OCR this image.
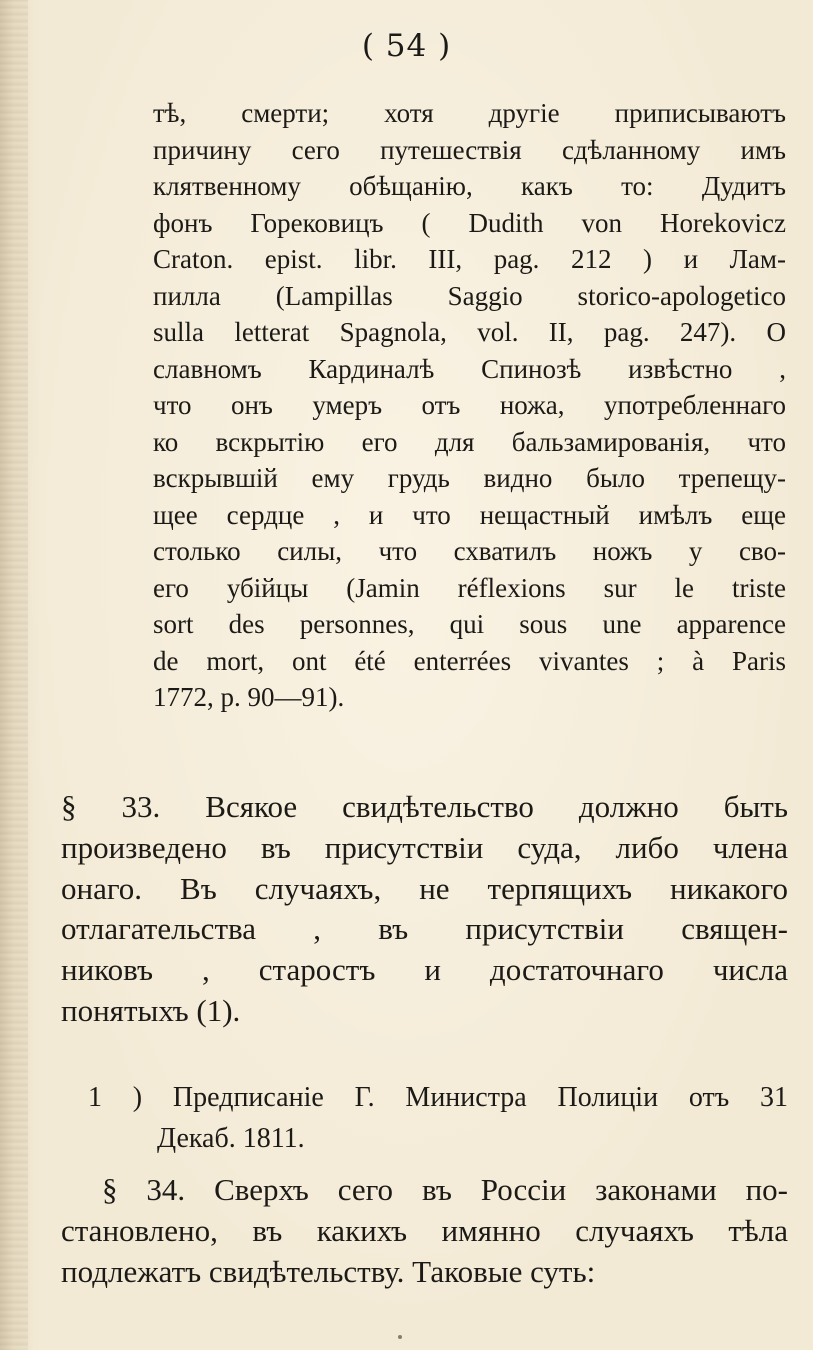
( 54 )
тѣ, смерти; хотя другіе приписываютъ
причину сего путешествія сдѣланному имъ
клятвенному обѣщанію, какъ то: Дудитъ
фонъ Горековицъ ( Dudith von Horekovicz
Craton. epist. libr. III, pag. 212 ) и Лам-
пилла (Lampillas Saggio storico-apologetico
sulla letterat Spagnola, vol. II, pag. 247). О
славномъ Кардиналѣ Спинозѣ извѣстно ,
что онъ умеръ отъ ножа, употребленнаго
ко вскрытію его для бальзамированія, что
вскрывшій ему грудь видно было трепещу-
щее сердце , и что нещастный имѣлъ еще
столько силы, что схватилъ ножъ у сво-
его убійцы (Jamin réflexions sur le triste
sort des personnes, qui sous une apparence
de mort, ont été enterrées vivantes ; à Paris
1772, p. 90—91).
§ 33. Всякое свидѣтельство должно быть
произведено въ присутствіи суда, либо члена
онаго. Въ случаяхъ, не терпящихъ никакого
отлагательства , въ присутствіи священ-
никовъ , старостъ и достаточнаго числа
понятыхъ (1).
1 ) Предписаніе Г. Министра Полиціи отъ 31
Декаб. 1811.
§ 34. Сверхъ сего въ Россіи законами по-
становлено, въ какихъ имянно случаяхъ тѣла
подлежатъ свидѣтельству. Таковые суть:
